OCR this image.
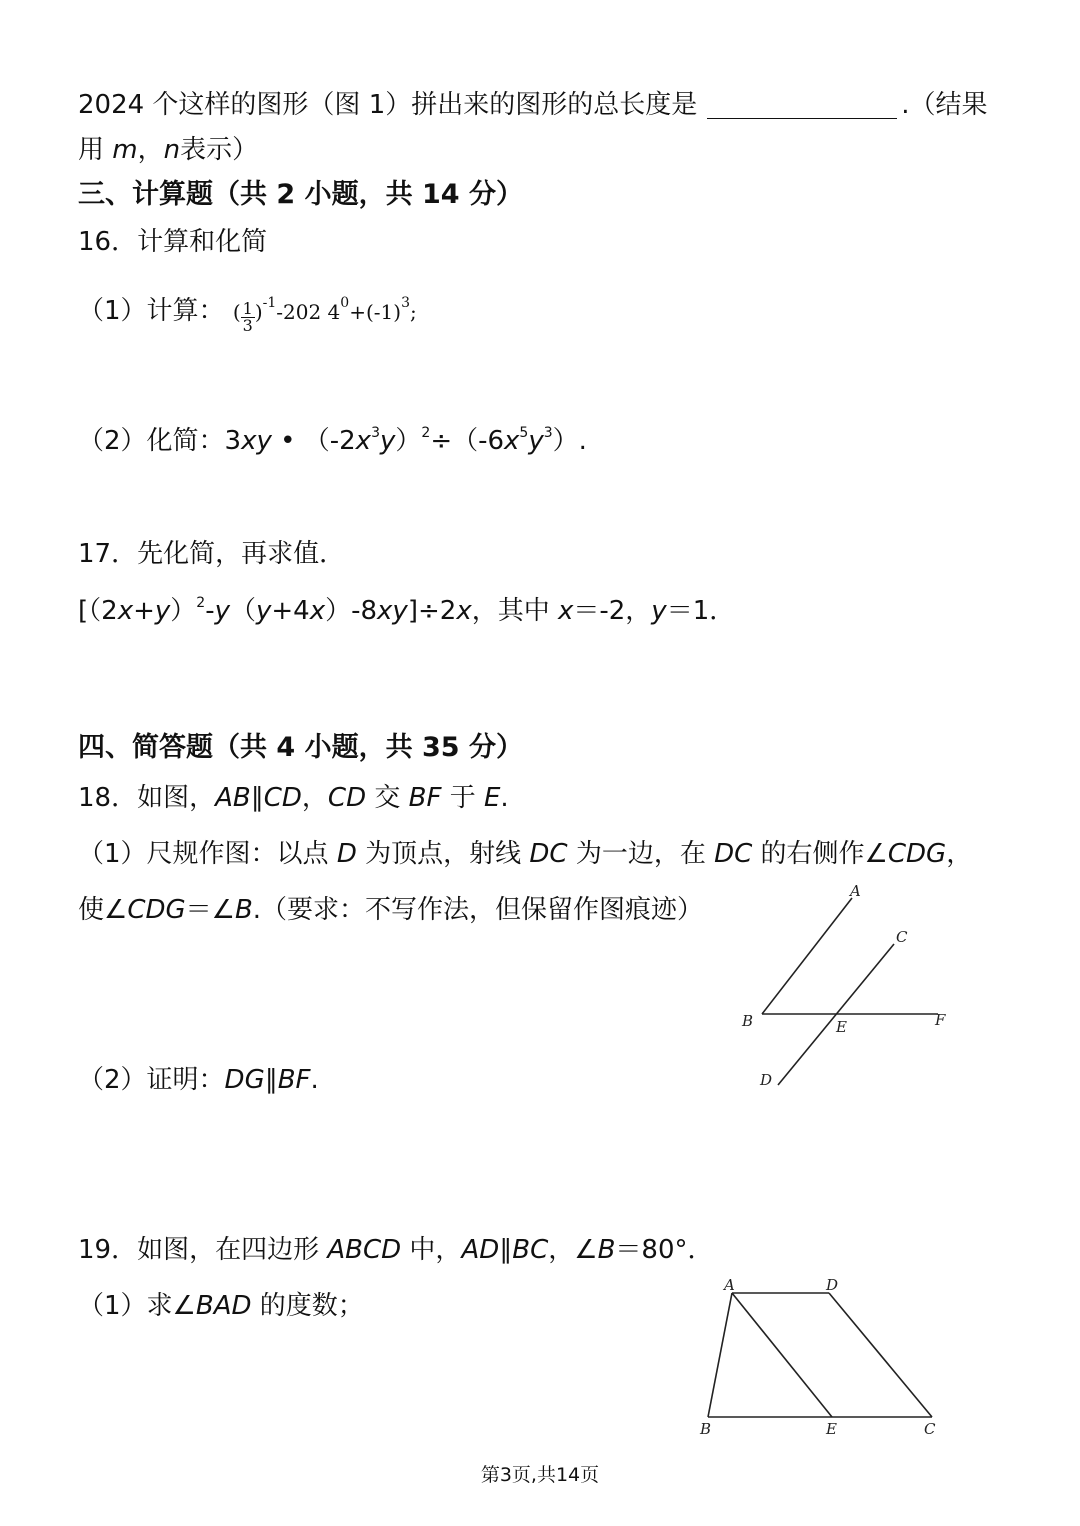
2024 个这样的图形（图 1）拼出来的图形的总长度是	.（结果
用 m，n表示）
三、计算题（共 2 小题，共 14 分）
16．计算和化简
（1）计算： ( $\frac{1}{3} )^{-1}-202$ $4^0+(-1)^3$;
（2）化简：3xy • $(-2x^3y)^2\div(-6x^5y^3)$.
17．先化简，再求值．
$[(2x+y)^2-y(y+4x)-8xy]\div 2x$，其中 x＝-2，y＝1．
四、简答题（共 4 小题，共 35 分）
18．如图，AB∥CD，CD 交 BF 于 E.
（1）尺规作图：以点 D 为顶点，射线 DC 为一边，在 DC 的右侧作∠CDG，
使∠CDG＝∠B.（要求：不写作法，但保留作图痕迹）
（2）证明：DG∥BF.
A
B
C
D
E	F
19．如图，在四边形 ABCD 中，AD∥BC，∠B＝80°．
（1）求∠BAD 的度数；
A	D
B	E	C
第3页,共14页
